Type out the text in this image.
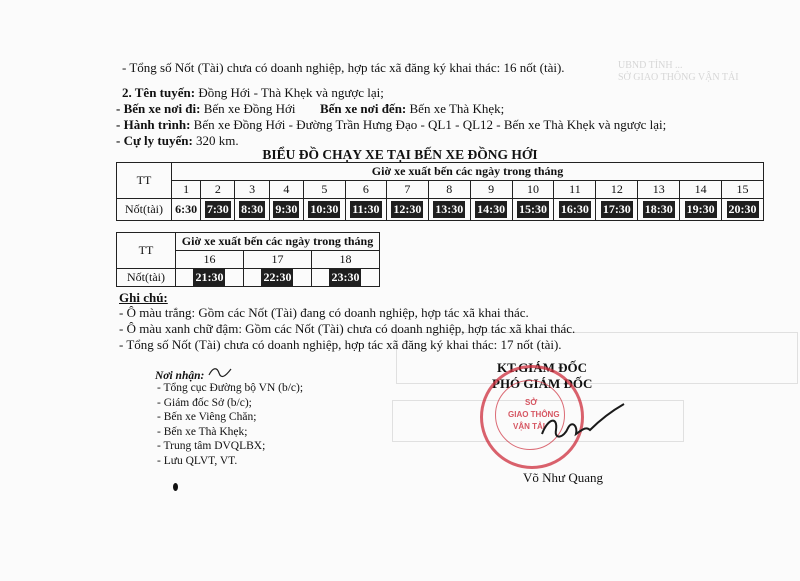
UBND TỈNH ...
SỞ GIAO THÔNG VẬN TẢI
- Tổng số Nốt (Tài) chưa có doanh nghiệp, hợp tác xã đăng ký khai thác: 16 nốt (tài).
2. Tên tuyến: Đồng Hới - Thà Khẹk và ngược lại;
- Bến xe nơi đi: Bến xe Đồng Hới Bến xe nơi đến: Bến xe Thà Khẹk;
- Hành trình: Bến xe Đồng Hới - Đường Trần Hưng Đạo - QL1 - QL12 - Bến xe Thà Khẹk và ngược lại;
- Cự ly tuyến: 320 km.
BIỂU ĐỒ CHẠY XE TẠI BẾN XE ĐỒNG HỚI
TT	Giờ xe xuất bến các ngày trong tháng														
	1	2	3	4	5	6	7	8	9	10	11	12	13	14	15
Nốt(tài)	6:30	7:30	8:30	9:30	10:30	11:30	12:30	13:30	14:30	15:30	16:30	17:30	18:30	19:30	20:30
TT	Giờ xe xuất bến các ngày trong tháng		
	16	17	18
Nốt(tài)	21:30	22:30	23:30
Ghi chú:
- Ô màu trắng: Gồm các Nốt (Tài) đang có doanh nghiệp, hợp tác xã khai thác.
- Ô màu xanh chữ đậm: Gồm các Nốt (Tài) chưa có doanh nghiệp, hợp tác xã khai thác.
- Tổng số Nốt (Tài) chưa có doanh nghiệp, hợp tác xã đăng ký khai thác: 17 nốt (tài).
Nơi nhận:
- Tổng cục Đường bộ VN (b/c);
- Giám đốc Sở (b/c);
- Bến xe Viêng Chăn;
- Bến xe Thà Khẹk;
- Trung tâm DVQLBX;
- Lưu QLVT, VT.
KT.GIÁM ĐỐC
PHÓ GIÁM ĐỐC
SỞ
GIAO THÔNG
VẬN TẢI
Võ Như Quang
